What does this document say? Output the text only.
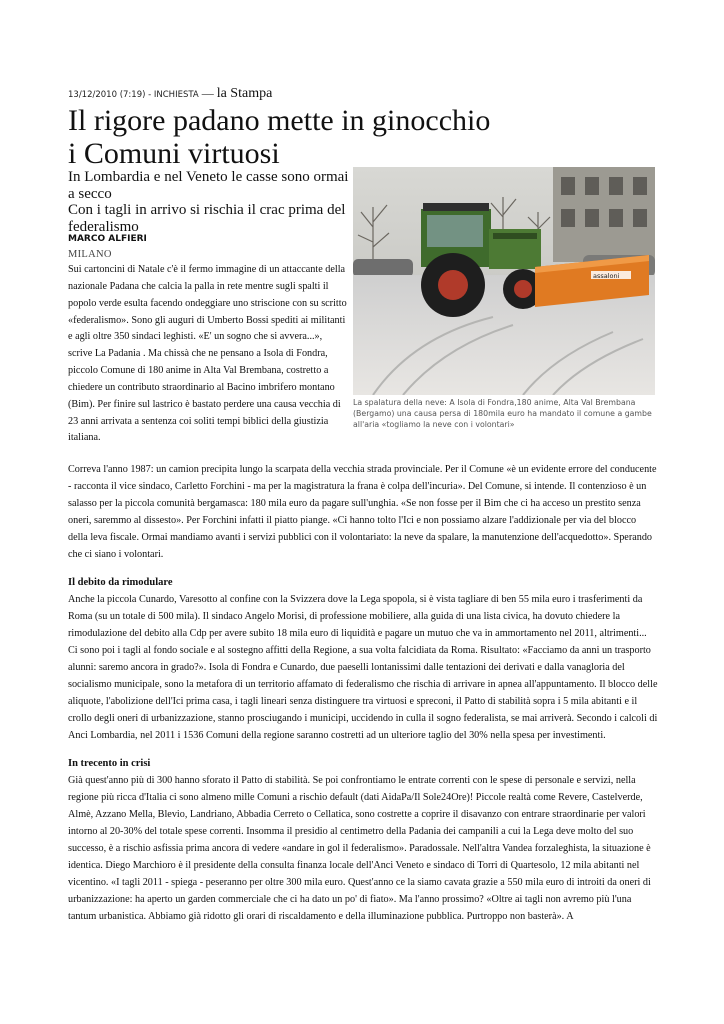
13/12/2010 (7:19) - INCHIESTA — la Stampa
Il rigore padano mette in ginocchio
i Comuni virtuosi
In Lombardia e nel Veneto le casse sono ormai a secco
Con i tagli in arrivo si rischia il crac prima del federalismo
MARCO ALFIERI
MILANO
Sui cartoncini di Natale c'è il fermo immagine di un attaccante della nazionale Padana che calcia la palla in rete mentre sugli spalti il popolo verde esulta facendo ondeggiare uno striscione con su scritto «federalismo». Sono gli auguri di Umberto Bossi spediti ai militanti e agli oltre 350 sindaci leghisti. «E' un sogno che si avvera...», scrive La Padania . Ma chissà che ne pensano a Isola di Fondra, piccolo Comune di 180 anime in Alta Val Brembana, costretto a chiedere un contributo straordinario al Bacino imbrifero montano (Bim). Per finire sul lastrico è bastato perdere una causa vecchia di 23 anni arrivata a sentenza coi soliti tempi biblici della giustizia italiana.
assaloni
La spalatura della neve: A Isola di Fondra,180 anime, Alta Val Brembana (Bergamo) una causa persa di 180mila euro ha mandato il comune a gambe all'aria «togliamo la neve con i volontari»

Correva l'anno 1987: un camion precipita lungo la scarpata della vecchia strada provinciale. Per il Comune «è un evidente errore del conducente - racconta il vice sindaco, Carletto Forchini - ma per la magistratura la frana è colpa dell'incuria». Del Comune, si intende. Il contenzioso è un salasso per la piccola comunità bergamasca: 180 mila euro da pagare sull'unghia. «Se non fosse per il Bim che ci ha acceso un prestito senza oneri, saremmo al dissesto». Per Forchini infatti il piatto piange. «Ci hanno tolto l'Ici e non possiamo alzare l'addizionale per via del blocco della leva fiscale. Ormai mandiamo avanti i servizi pubblici con il volontariato: la neve da spalare, la manutenzione dell'acquedotto». Sperando che ci siano i volontari.

Il debito da rimodulare

Anche la piccola Cunardo, Varesotto al confine con la Svizzera dove la Lega spopola, si è vista tagliare di ben 55 mila euro i trasferimenti da Roma (su un totale di 500 mila). Il sindaco Angelo Morisi, di professione mobiliere, alla guida di una lista civica, ha dovuto chiedere la rimodulazione del debito alla Cdp per avere subito 18 mila euro di liquidità e pagare un mutuo che va in ammortamento nel 2011, altrimenti...

Ci sono poi i tagli al fondo sociale e al sostegno affitti della Regione, a sua volta falcidiata da Roma. Risultato: «Facciamo da anni un trasporto alunni: saremo ancora in grado?». Isola di Fondra e Cunardo, due paeselli lontanissimi dalle tentazioni dei derivati e dalla vanagloria del socialismo municipale, sono la metafora di un territorio affamato di federalismo che rischia di arrivare in apnea all'appuntamento. Il blocco delle aliquote, l'abolizione dell'Ici prima casa, i tagli lineari senza distinguere tra virtuosi e spreconi, il Patto di stabilità sopra i 5 mila abitanti e il crollo degli oneri di urbanizzazione, stanno prosciugando i municipi, uccidendo in culla il sogno federalista, se mai arriverà. Secondo i calcoli di Anci Lombardia, nel 2011 i 1536 Comuni della regione saranno costretti ad un ulteriore taglio del 30% nella spesa per investimenti.

In trecento in crisi

Già quest'anno più di 300 hanno sforato il Patto di stabilità. Se poi confrontiamo le entrate correnti con le spese di personale e servizi, nella regione più ricca d'Italia ci sono almeno mille Comuni a rischio default (dati AidaPa/Il Sole24Ore)! Piccole realtà come Revere, Castelverde, Almè, Azzano Mella, Blevio, Landriano, Abbadia Cerreto o Cellatica, sono costrette a coprire il disavanzo con entrare straordinarie per valori intorno al 20-30% del totale spese correnti. Insomma il presidio al centimetro della Padania dei campanili a cui la Lega deve molto del suo successo, è a rischio asfissia prima ancora di vedere «andare in gol il federalismo». Paradossale. Nell'altra Vandea forzaleghista, la situazione è identica. Diego Marchioro è il presidente della consulta finanza locale dell'Anci Veneto e sindaco di Torri di Quartesolo, 12 mila abitanti nel vicentino. «I tagli 2011 - spiega - peseranno per oltre 300 mila euro. Quest'anno ce la siamo cavata grazie a 550 mila euro di introiti da oneri di urbanizzazione: ha aperto un garden commerciale che ci ha dato un po' di fiato». Ma l'anno prossimo? «Oltre ai tagli non avremo più l'una tantum urbanistica. Abbiamo già ridotto gli orari di riscaldamento e della illuminazione pubblica. Purtroppo non basterà». A
